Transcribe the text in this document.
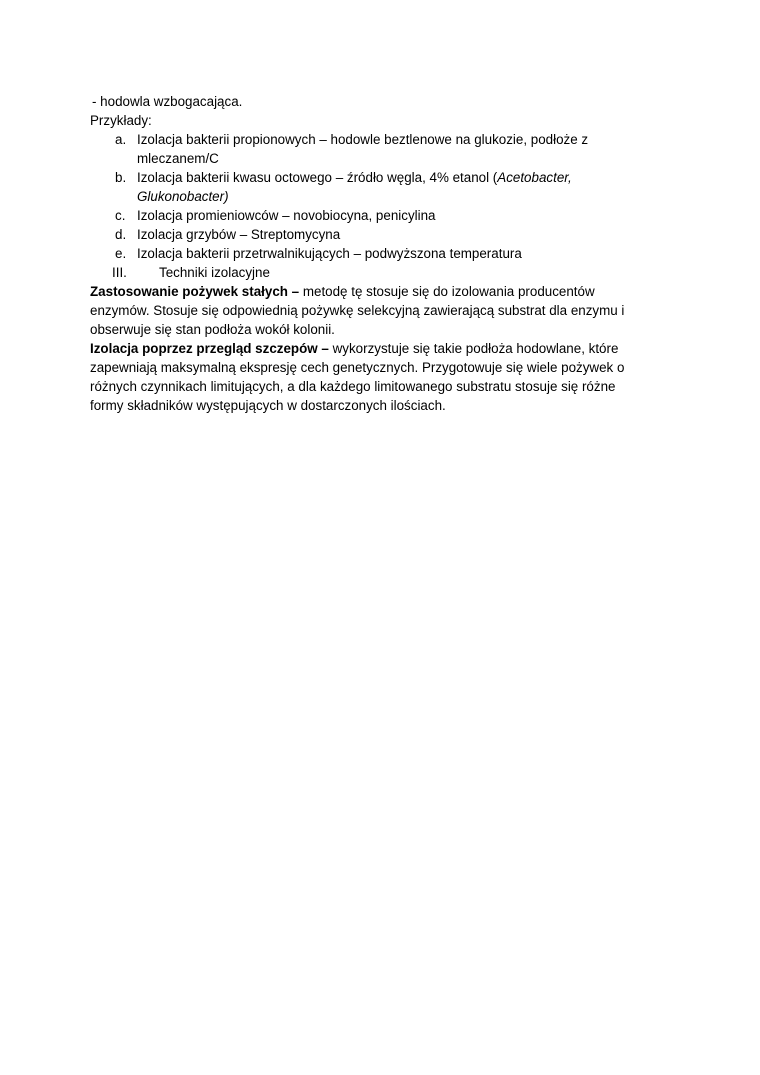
- hodowla wzbogacająca.

Przykłady:

a. Izolacja bakterii propionowych – hodowle beztlenowe na glukozie, podłoże z
mleczanem/C
b. Izolacja bakterii kwasu octowego – źródło węgla, 4% etanol (Acetobacter,
Glukonobacter)
c. Izolacja promieniowców – novobiocyna, penicylina
d. Izolacja grzybów – Streptomycyna
e. Izolacja bakterii przetrwalnikujących – podwyższona temperatura
III. Techniki izolacyjne

Zastosowanie pożywek stałych – metodę tę stosuje się do izolowania producentów
enzymów. Stosuje się odpowiednią pożywkę selekcyjną zawierającą substrat dla enzymu i
obserwuje się stan podłoża wokół kolonii.

Izolacja poprzez przegląd szczepów – wykorzystuje się takie podłoża hodowlane, które
zapewniają maksymalną ekspresję cech genetycznych. Przygotowuje się wiele pożywek o
różnych czynnikach limitujących, a dla każdego limitowanego substratu stosuje się różne
formy składników występujących w dostarczonych ilościach.
